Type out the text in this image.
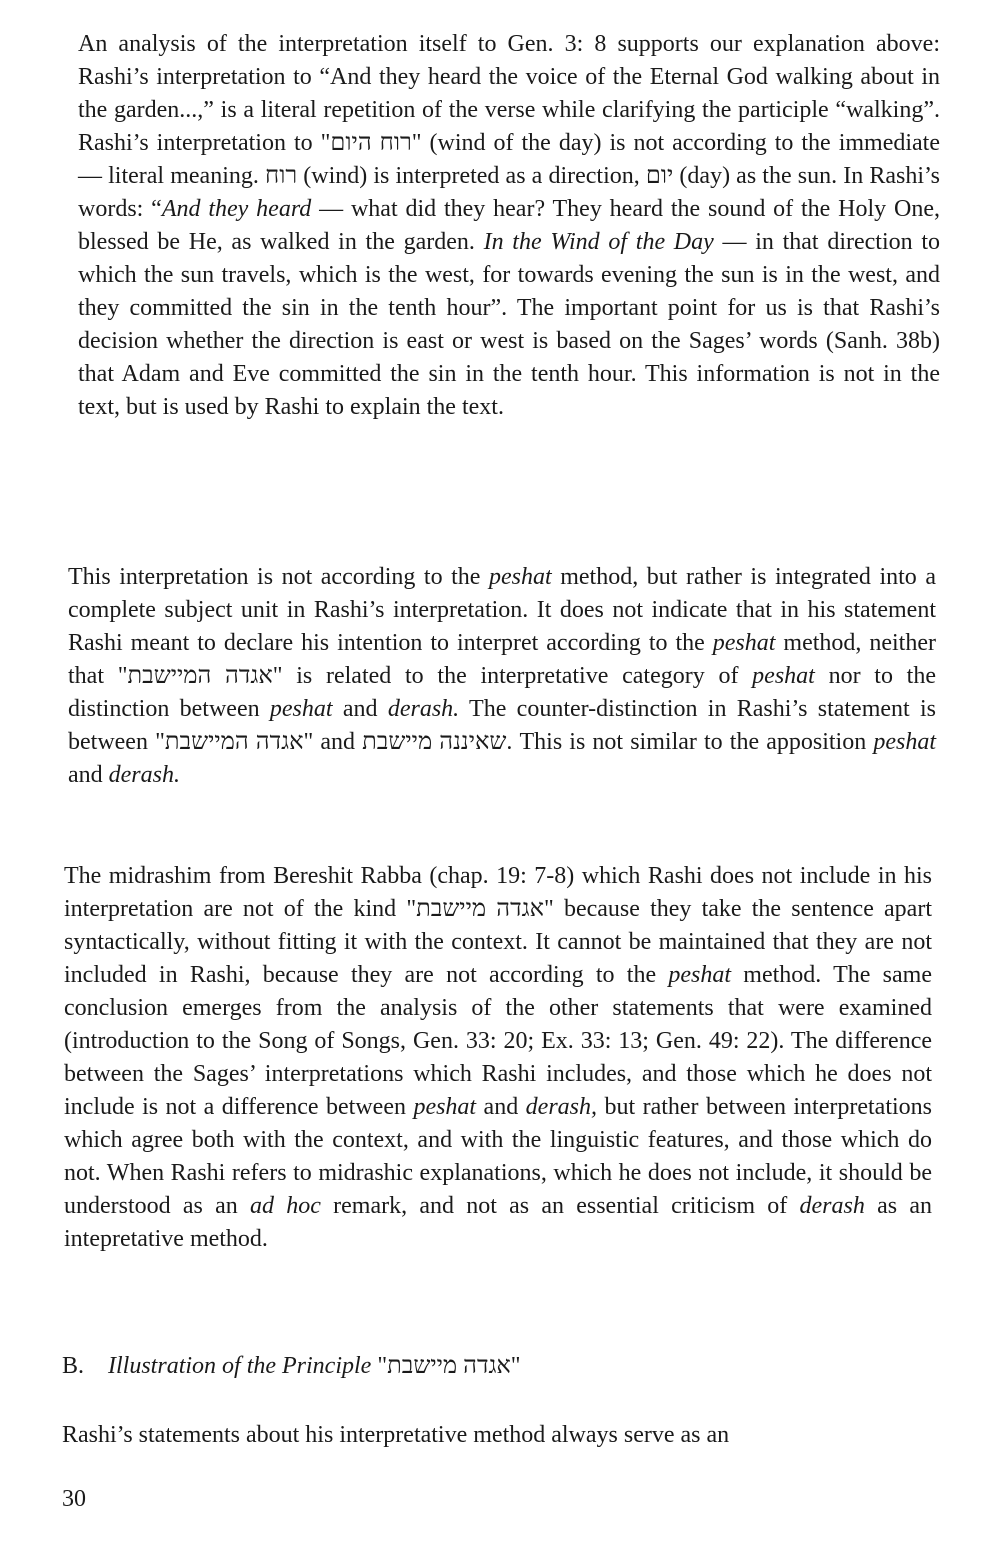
An analysis of the interpretation itself to Gen. 3: 8 supports our explanation above: Rashi’s interpretation to “And they heard the voice of the Eternal God walking about in the garden...,” is a literal repetition of the verse while clarifying the participle “walking”. Rashi’s interpretation to "רוח היום" (wind of the day) is not according to the immediate — literal meaning. רוח (wind) is interpreted as a direction, יום (day) as the sun. In Rashi’s words: “And they heard — what did they hear? They heard the sound of the Holy One, blessed be He, as walked in the garden. In the Wind of the Day — in that direction to which the sun travels, which is the west, for towards evening the sun is in the west, and they committed the sin in the tenth hour”. The important point for us is that Rashi’s decision whether the direction is east or west is based on the Sages’ words (Sanh. 38b) that Adam and Eve committed the sin in the tenth hour. This information is not in the text, but is used by Rashi to explain the text.

This interpretation is not according to the peshat method, but rather is integrated into a complete subject unit in Rashi’s interpretation. It does not indicate that in his statement Rashi meant to declare his intention to interpret according to the peshat method, neither that "אגדה המיישבת" is related to the interpretative category of peshat nor to the distinction between peshat and derash. The counter-distinction in Rashi’s statement is between "אגדה המיישבת" and שאיננה מיישבת. This is not similar to the apposition peshat and derash.

The midrashim from Bereshit Rabba (chap. 19: 7-8) which Rashi does not include in his interpretation are not of the kind "אגדה מיישבת" because they take the sentence apart syntactically, without fitting it with the context. It cannot be maintained that they are not included in Rashi, because they are not according to the peshat method. The same conclusion emerges from the analysis of the other statements that were examined (introduction to the Song of Songs, Gen. 33: 20; Ex. 33: 13; Gen. 49: 22). The difference between the Sages’ interpretations which Rashi includes, and those which he does not include is not a difference between peshat and derash, but rather between interpretations which agree both with the context, and with the linguistic features, and those which do not. When Rashi refers to midrashic explanations, which he does not include, it should be understood as an ad hoc remark, and not as an essential criticism of derash as an intepretative method.

B. Illustration of the Principle "אגדה מיישבת"

Rashi’s statements about his interpretative method always serve as an

30
